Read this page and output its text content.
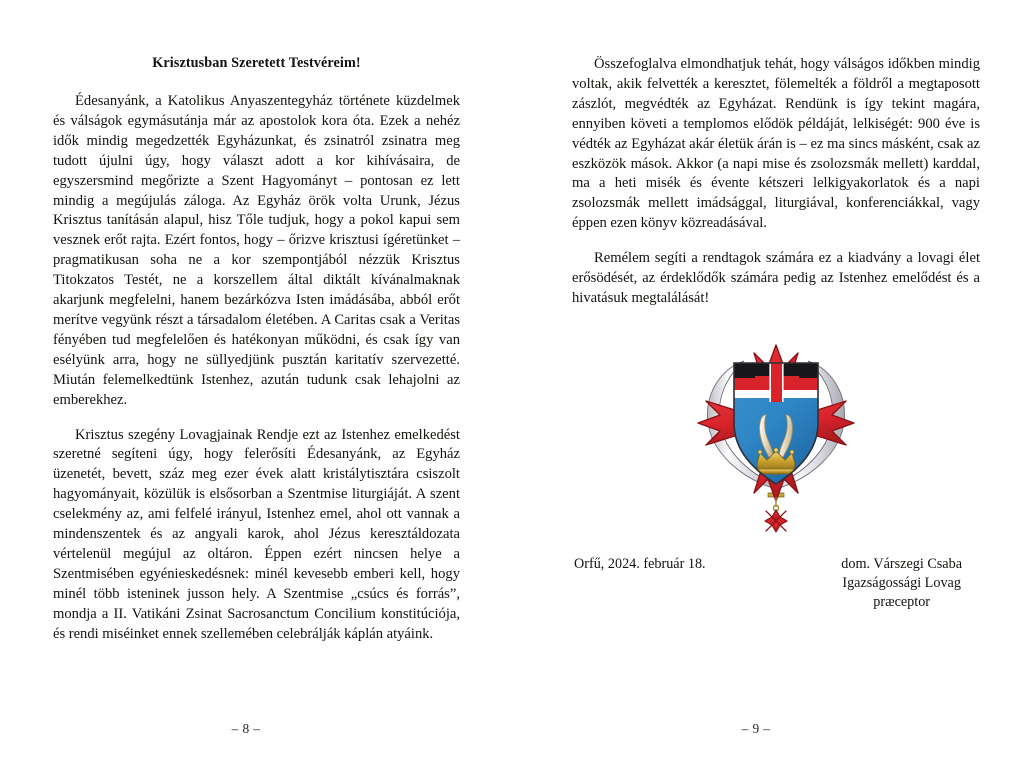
Krisztusban Szeretett Testvéreim!

Édesanyánk, a Katolikus Anyaszentegyház története küzdelmek és válságok egymásutánja már az apostolok kora óta. Ezek a nehéz idők mindig megedzették Egyházunkat, és zsinatról zsinatra meg tudott újulni úgy, hogy választ adott a kor kihívásaira, de egyszersmind megőrizte a Szent Hagyományt – pontosan ez lett mindig a megújulás záloga. Az Egyház örök volta Urunk, Jézus Krisztus tanításán alapul, hisz Tőle tudjuk, hogy a pokol kapui sem vesznek erőt rajta. Ezért fontos, hogy – őrizve krisztusi ígéretünket – pragmatikusan soha ne a kor szempontjából nézzük Krisztus Titokzatos Testét, ne a korszellem által diktált kívánalmaknak akarjunk megfelelni, hanem bezárkózva Isten imádásába, abból erőt merítve vegyünk részt a társadalom életében. A Caritas csak a Veritas fényében tud megfelelően és hatékonyan működni, és csak így van esélyünk arra, hogy ne süllyedjünk pusztán karitatív szervezetté. Miután felemelkedtünk Istenhez, azután tudunk csak lehajolni az emberekhez.

Krisztus szegény Lovagjainak Rendje ezt az Istenhez emelkedést szeretné segíteni úgy, hogy felerősíti Édesanyánk, az Egyház üzenetét, bevett, száz meg ezer évek alatt kristálytisztára csiszolt hagyományait, közülük is elsősorban a Szentmise liturgiáját. A szent cselekmény az, ami felfelé irányul, Istenhez emel, ahol ott vannak a mindenszentek és az angyali karok, ahol Jézus keresztáldozata vértelenül megújul az oltáron. Éppen ezért nincsen helye a Szentmisében egyénieskedésnek: minél kevesebb emberi kell, hogy minél több isteninek jusson hely. A Szentmise „csúcs és forrás”, mondja a II. Vatikáni Zsinat Sacrosanctum Concilium konstitúciója, és rendi miséinket ennek szellemében celebrálják káplán atyáink.

– 8 –

Összefoglalva elmondhatjuk tehát, hogy válságos időkben mindig voltak, akik felvették a keresztet, fölemelték a földről a megtaposott zászlót, megvédték az Egyházat. Rendünk is így tekint magára, ennyiben követi a templomos elődök példáját, lelkiségét: 900 éve is védték az Egyházat akár életük árán is – ez ma sincs másként, csak az eszközök mások. Akkor (a napi mise és zsolozsmák mellett) karddal, ma a heti misék és évente kétszeri lelkigyakorlatok és a napi zsolozsmák mellett imádsággal, liturgiával, konferenciákkal, vagy éppen ezen könyv közreadásával.

Remélem segíti a rendtagok számára ez a kiadvány a lovagi élet erősödését, az érdeklődők számára pedig az Istenhez emelődést és a hivatásuk megtalálását!

Orfű, 2024. február 18.	dom. Várszegi Csaba
Igazságossági Lovag
præceptor
– 9 –
